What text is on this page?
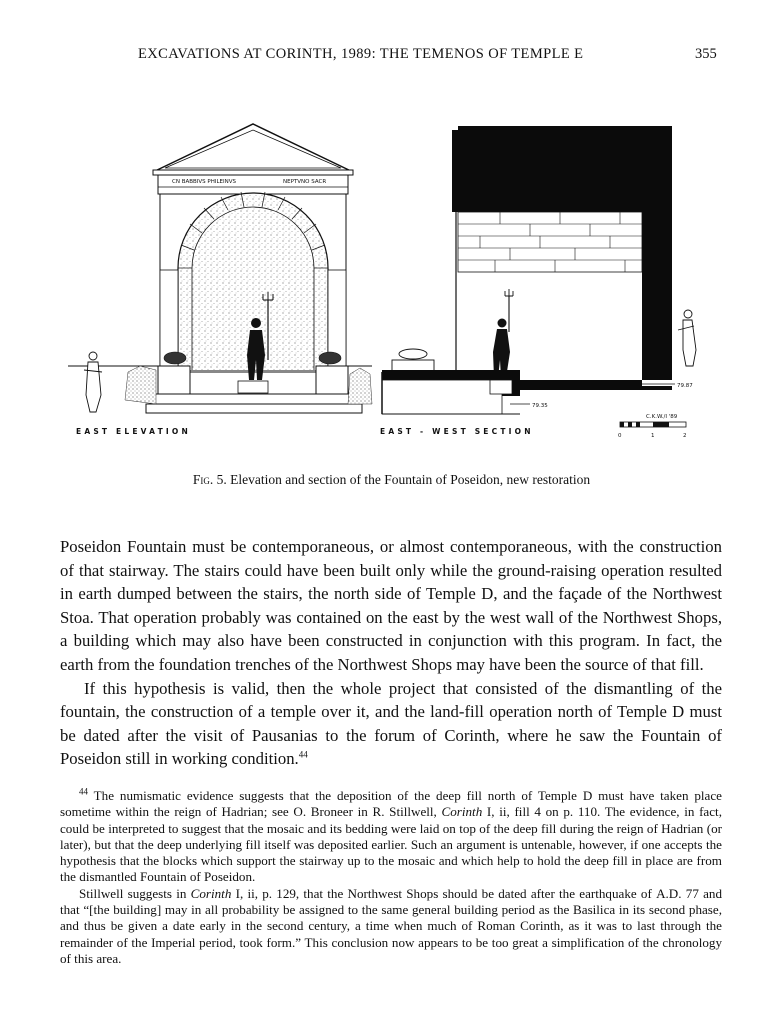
EXCAVATIONS AT CORINTH, 1989: THE TEMENOS OF TEMPLE E	355
CN BABBIVS PHILEINVS	NEPTVNO SACR
EAST ELEVATION
79.87
79.35
EAST - WEST SECTION
C.K.W./I '89
0	1	2
Fig. 5. Elevation and section of the Fountain of Poseidon, new restoration

Poseidon Fountain must be contemporaneous, or almost contemporaneous, with the construction of that stairway. The stairs could have been built only while the ground-raising operation resulted in earth dumped between the stairs, the north side of Temple D, and the façade of the Northwest Stoa. That operation probably was contained on the east by the west wall of the Northwest Shops, a building which may also have been constructed in conjunction with this program. In fact, the earth from the foundation trenches of the Northwest Shops may have been the source of that fill.

If this hypothesis is valid, then the whole project that consisted of the dismantling of the fountain, the construction of a temple over it, and the land-fill operation north of Temple D must be dated after the visit of Pausanias to the forum of Corinth, where he saw the Fountain of Poseidon still in working condition.$^{44}$

$^{44}$ The numismatic evidence suggests that the deposition of the deep fill north of Temple D must have taken place sometime within the reign of Hadrian; see O. Broneer in R. Stillwell, Corinth I, ii, fill 4 on p. 110. The evidence, in fact, could be interpreted to suggest that the mosaic and its bedding were laid on top of the deep fill during the reign of Hadrian (or later), but that the deep underlying fill itself was deposited earlier. Such an argument is untenable, however, if one accepts the hypothesis that the blocks which support the stairway up to the mosaic and which help to hold the deep fill in place are from the dismantled Fountain of Poseidon.

Stillwell suggests in Corinth I, ii, p. 129, that the Northwest Shops should be dated after the earthquake of A.D. 77 and that “[the building] may in all probability be assigned to the same general building period as the Basilica in its second phase, and thus be given a date early in the second century, a time when much of Roman Corinth, as it was to last through the remainder of the Imperial period, took form.” This conclusion now appears to be too great a simplification of the chronology of this area.
